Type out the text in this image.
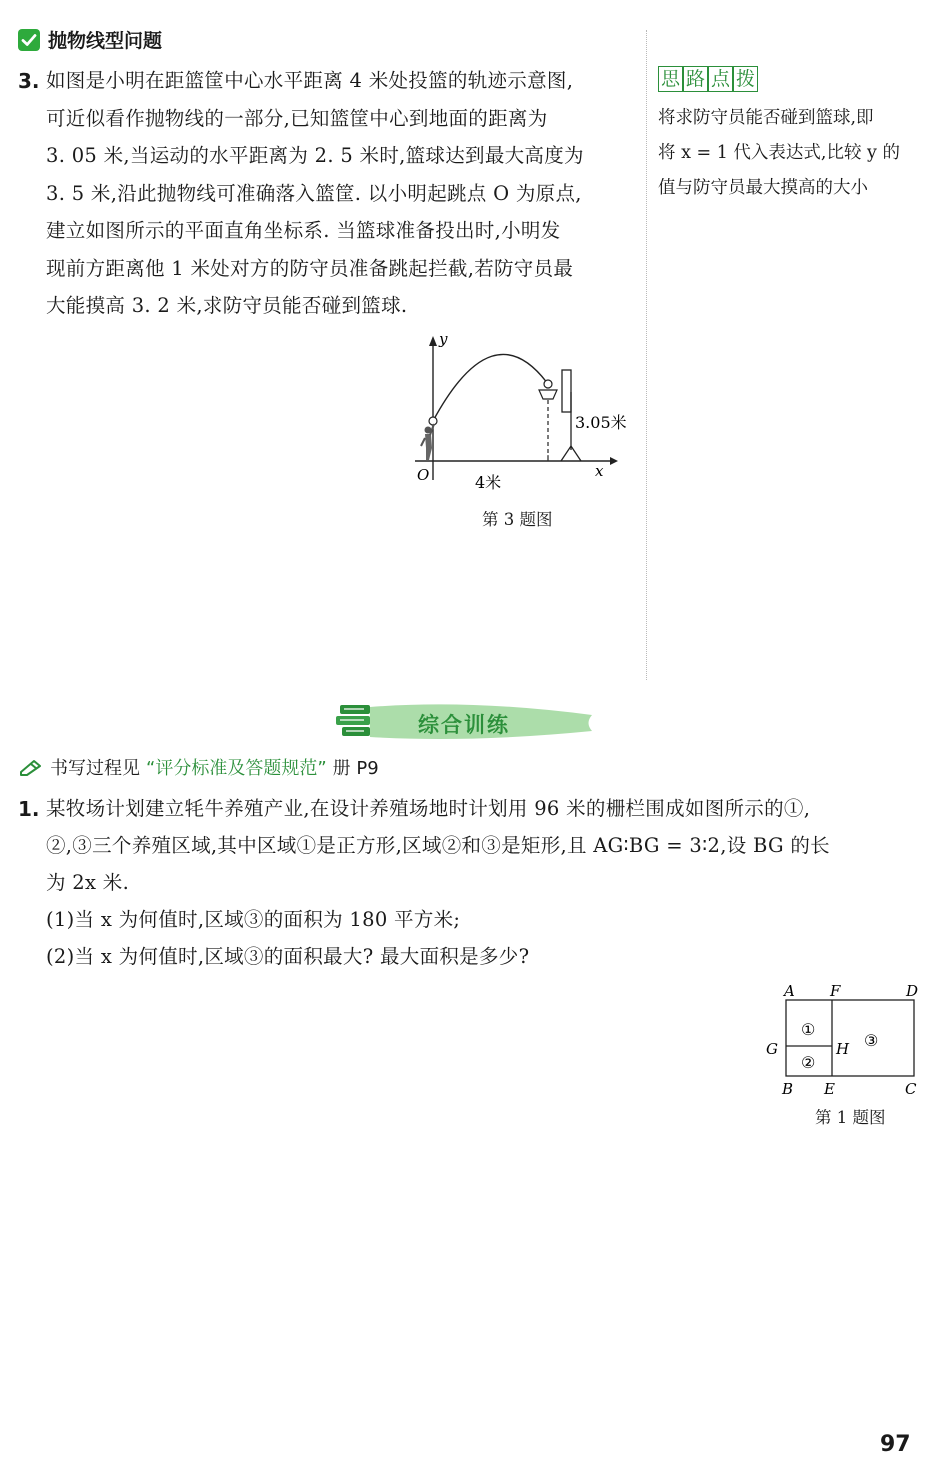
抛物线型问题
3. 如图是小明在距篮筐中心水平距离 4 米处投篮的轨迹示意图,
可近似看作抛物线的一部分,已知篮筐中心到地面的距离为
3. 05 米,当运动的水平距离为 2. 5 米时,篮球达到最大高度为
3. 5 米,沿此抛物线可准确落入篮筐. 以小明起跳点 O 为原点,
建立如图所示的平面直角坐标系. 当篮球准备投出时,小明发
现前方距离他 1 米处对方的防守员准备跳起拦截,若防守员最
大能摸高 3. 2 米,求防守员能否碰到篮球.
y
x
O
3.05米
4米
第 3 题图
思 路 点 拨
将求防守员能否碰到篮球,即
将 x = 1 代入表达式,比较 y 的
值与防守员最大摸高的大小
综合训练
书写过程见 “评分标准及答题规范” 册 P9
1. 某牧场计划建立牦牛养殖产业,在设计养殖场地时计划用 96 米的栅栏围成如图所示的①,
②,③三个养殖区域,其中区域①是正方形,区域②和③是矩形,且 AG∶BG = 3∶2,设 BG 的长
为 2x 米.
(1)当 x 为何值时,区域③的面积为 180 平方米;
(2)当 x 为何值时,区域③的面积最大? 最大面积是多少?
A F	D
G	H
B E	C
①
②
③
第 1 题图
97
